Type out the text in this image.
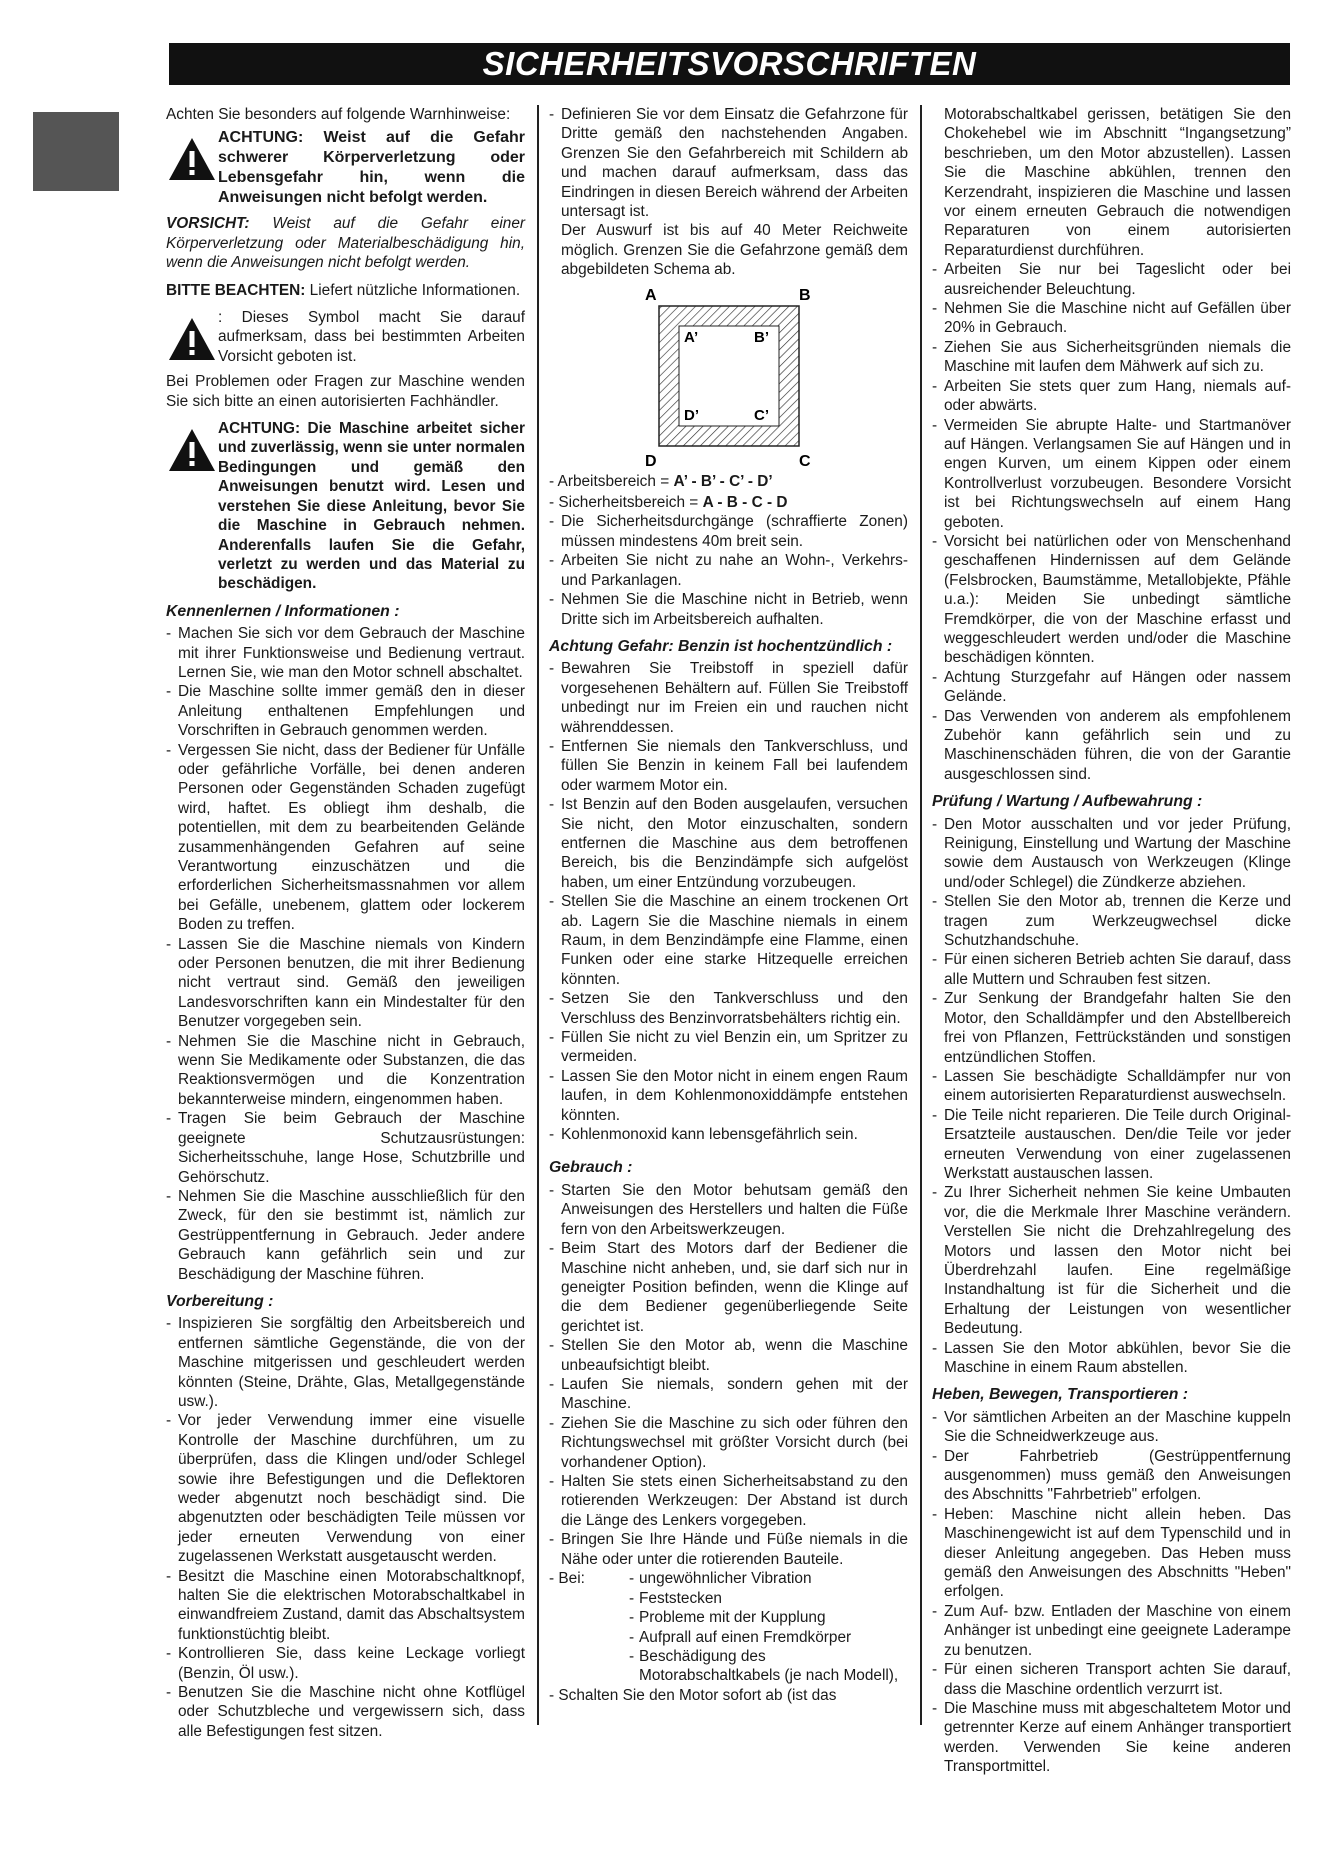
SICHERHEITSVORSCHRIFTEN

Achten Sie besonders auf folgende Warnhinweise:

ACHTUNG: Weist auf die Gefahr schwerer Körperverletzung oder Lebensgefahr hin, wenn die Anweisungen nicht befolgt werden.

VORSICHT: Weist auf die Gefahr einer Körperverletzung oder Materialbeschädigung hin, wenn die Anweisungen nicht befolgt werden.

BITTE BEACHTEN: Liefert nützliche Informationen.

: Dieses Symbol macht Sie darauf aufmerksam, dass bei bestimmten Arbeiten Vorsicht geboten ist.

Bei Problemen oder Fragen zur Maschine wenden Sie sich bitte an einen autorisierten Fachhändler.

ACHTUNG: Die Maschine arbeitet sicher und zuverlässig, wenn sie unter normalen Bedingungen und gemäß den Anweisungen benutzt wird. Lesen und verstehen Sie diese Anleitung, bevor Sie die Maschine in Gebrauch nehmen. Anderenfalls laufen Sie die Gefahr, verletzt zu werden und das Material zu beschädigen.

Kennenlernen / Informationen :

- Machen Sie sich vor dem Gebrauch der Maschine mit ihrer Funktionsweise und Bedienung vertraut. Lernen Sie, wie man den Motor schnell abschaltet.
- Die Maschine sollte immer gemäß den in dieser Anleitung enthaltenen Empfehlungen und Vorschriften in Gebrauch genommen werden.
- Vergessen Sie nicht, dass der Bediener für Unfälle oder gefährliche Vorfälle, bei denen anderen Personen oder Gegenständen Schaden zugefügt wird, haftet. Es obliegt ihm deshalb, die potentiellen, mit dem zu bearbeitenden Gelände zusammenhängenden Gefahren auf seine Verantwortung einzuschätzen und die erforderlichen Sicherheitsmassnahmen vor allem bei Gefälle, unebenem, glattem oder lockerem Boden zu treffen.
- Lassen Sie die Maschine niemals von Kindern oder Personen benutzen, die mit ihrer Bedienung nicht vertraut sind. Gemäß den jeweiligen Landesvorschriften kann ein Mindestalter für den Benutzer vorgegeben sein.
- Nehmen Sie die Maschine nicht in Gebrauch, wenn Sie Medikamente oder Substanzen, die das Reaktionsvermögen und die Konzentration bekannterweise mindern, eingenommen haben.
- Tragen Sie beim Gebrauch der Maschine geeignete Schutzausrüstungen: Sicherheitsschuhe, lange Hose, Schutzbrille und Gehörschutz.
- Nehmen Sie die Maschine ausschließlich für den Zweck, für den sie bestimmt ist, nämlich zur Gestrüppentfernung in Gebrauch. Jeder andere Gebrauch kann gefährlich sein und zur Beschädigung der Maschine führen.

Vorbereitung :

- Inspizieren Sie sorgfältig den Arbeitsbereich und entfernen sämtliche Gegenstände, die von der Maschine mitgerissen und geschleudert werden könnten (Steine, Drähte, Glas, Metallgegenstände usw.).
- Vor jeder Verwendung immer eine visuelle Kontrolle der Maschine durchführen, um zu überprüfen, dass die Klingen und/oder Schlegel sowie ihre Befestigungen und die Deflektoren weder abgenutzt noch beschädigt sind. Die abgenutzten oder beschädigten Teile müssen vor jeder erneuten Verwendung von einer zugelassenen Werkstatt ausgetauscht werden.
- Besitzt die Maschine einen Motorabschaltknopf, halten Sie die elektrischen Motorabschaltkabel in einwandfreiem Zustand, damit das Abschaltsystem funktionstüchtig bleibt.
- Kontrollieren Sie, dass keine Leckage vorliegt (Benzin, Öl usw.).
- Benutzen Sie die Maschine nicht ohne Kotflügel oder Schutzbleche und vergewissern sich, dass alle Befestigungen fest sitzen.
- Definieren Sie vor dem Einsatz die Gefahrzone für Dritte gemäß den nachstehenden Angaben. Grenzen Sie den Gefahrbereich mit Schildern ab und machen darauf aufmerksam, dass das Eindringen in diesen Bereich während der Arbeiten untersagt ist.

Der Auswurf ist bis auf 40 Meter Reichweite möglich. Grenzen Sie die Gefahrzone gemäß dem abgebildeten Schema ab.

A	B
D	C
A’	B’
D’	C’

- Arbeitsbereich = A’ - B’ - C’ - D’

- Sicherheitsbereich = A - B - C - D

- Die Sicherheitsdurchgänge (schraffierte Zonen) müssen mindestens 40m breit sein.
- Arbeiten Sie nicht zu nahe an Wohn-, Verkehrs- und Parkanlagen.
- Nehmen Sie die Maschine nicht in Betrieb, wenn Dritte sich im Arbeitsbereich aufhalten.

Achtung Gefahr: Benzin ist hochentzündlich :

- Bewahren Sie Treibstoff in speziell dafür vorgesehenen Behältern auf. Füllen Sie Treibstoff unbedingt nur im Freien ein und rauchen nicht währenddessen.
- Entfernen Sie niemals den Tankverschluss, und füllen Sie Benzin in keinem Fall bei laufendem oder warmem Motor ein.
- Ist Benzin auf den Boden ausgelaufen, versuchen Sie nicht, den Motor einzuschalten, sondern entfernen die Maschine aus dem betroffenen Bereich, bis die Benzindämpfe sich aufgelöst haben, um einer Entzündung vorzubeugen.
- Stellen Sie die Maschine an einem trockenen Ort ab. Lagern Sie die Maschine niemals in einem Raum, in dem Benzindämpfe eine Flamme, einen Funken oder eine starke Hitzequelle erreichen könnten.
- Setzen Sie den Tankverschluss und den Verschluss des Benzinvorratsbehälters richtig ein.
- Füllen Sie nicht zu viel Benzin ein, um Spritzer zu vermeiden.
- Lassen Sie den Motor nicht in einem engen Raum laufen, in dem Kohlenmonoxiddämpfe entstehen könnten.
- Kohlenmonoxid kann lebensgefährlich sein.

Gebrauch :

- Starten Sie den Motor behutsam gemäß den Anweisungen des Herstellers und halten die Füße fern von den Arbeitswerkzeugen.
- Beim Start des Motors darf der Bediener die Maschine nicht anheben, und, sie darf sich nur in geneigter Position befinden, wenn die Klinge auf die dem Bediener gegenüberliegende Seite gerichtet ist.
- Stellen Sie den Motor ab, wenn die Maschine unbeaufsichtigt bleibt.
- Laufen Sie niemals, sondern gehen mit der Maschine.
- Ziehen Sie die Maschine zu sich oder führen den Richtungswechsel mit größter Vorsicht durch (bei vorhandener Option).
- Halten Sie stets einen Sicherheitsabstand zu den rotierenden Werkzeugen: Der Abstand ist durch die Länge des Lenkers vorgegeben.
- Bringen Sie Ihre Hände und Füße niemals in die Nähe oder unter die rotierenden Bauteile.

- Bei:

-	ungewöhnlicher Vibration
- Feststecken
- Probleme mit der Kupplung
- Aufprall auf einen Fremdkörper
- Beschädigung des Motorabschaltkabels (je nach Modell),

- Schalten Sie den Motor sofort ab (ist das

Motorabschaltkabel gerissen, betätigen Sie den Chokehebel wie im Abschnitt “Ingangsetzung” beschrieben, um den Motor abzustellen). Lassen Sie die Maschine abkühlen, trennen den Kerzendraht, inspizieren die Maschine und lassen vor einem erneuten Gebrauch die notwendigen Reparaturen von einem autorisierten Reparaturdienst durchführen.

- Arbeiten Sie nur bei Tageslicht oder bei ausreichender Beleuchtung.
- Nehmen Sie die Maschine nicht auf Gefällen über 20% in Gebrauch.
- Ziehen Sie aus Sicherheitsgründen niemals die Maschine mit laufen dem Mähwerk auf sich zu.
- Arbeiten Sie stets quer zum Hang, niemals auf- oder abwärts.
- Vermeiden Sie abrupte Halte- und Startmanöver auf Hängen. Verlangsamen Sie auf Hängen und in engen Kurven, um einem Kippen oder einem Kontrollverlust vorzubeugen. Besondere Vorsicht ist bei Richtungswechseln auf einem Hang geboten.
- Vorsicht bei natürlichen oder von Menschenhand geschaffenen Hindernissen auf dem Gelände (Felsbrocken, Baumstämme, Metallobjekte, Pfähle u.a.): Meiden Sie unbedingt sämtliche Fremdkörper, die von der Maschine erfasst und weggeschleudert werden und/oder die Maschine beschädigen könnten.
- Achtung Sturzgefahr auf Hängen oder nassem Gelände.
- Das Verwenden von anderem als empfohlenem Zubehör kann gefährlich sein und zu Maschinenschäden führen, die von der Garantie ausgeschlossen sind.

Prüfung / Wartung / Aufbewahrung :

- Den Motor ausschalten und vor jeder Prüfung, Reinigung, Einstellung und Wartung der Maschine sowie dem Austausch von Werkzeugen (Klinge und/oder Schlegel) die Zündkerze abziehen.
- Stellen Sie den Motor ab, trennen die Kerze und tragen zum Werkzeugwechsel dicke Schutzhandschuhe.
- Für einen sicheren Betrieb achten Sie darauf, dass alle Muttern und Schrauben fest sitzen.
- Zur Senkung der Brandgefahr halten Sie den Motor, den Schalldämpfer und den Abstellbereich frei von Pflanzen, Fettrückständen und sonstigen entzündlichen Stoffen.
- Lassen Sie beschädigte Schalldämpfer nur von einem autorisierten Reparaturdienst auswechseln.
- Die Teile nicht reparieren. Die Teile durch Original-Ersatzteile austauschen. Den/die Teile vor jeder erneuten Verwendung von einer zugelassenen Werkstatt austauschen lassen.
- Zu Ihrer Sicherheit nehmen Sie keine Umbauten vor, die die Merkmale Ihrer Maschine verändern. Verstellen Sie nicht die Drehzahlregelung des Motors und lassen den Motor nicht bei Überdrehzahl laufen. Eine regelmäßige Instandhaltung ist für die Sicherheit und die Erhaltung der Leistungen von wesentlicher Bedeutung.
- Lassen Sie den Motor abkühlen, bevor Sie die Maschine in einem Raum abstellen.

Heben, Bewegen, Transportieren :

- Vor sämtlichen Arbeiten an der Maschine kuppeln Sie die Schneidwerkzeuge aus.
- Der Fahrbetrieb (Gestrüppentfernung ausgenommen) muss gemäß den Anweisungen des Abschnitts "Fahrbetrieb" erfolgen.
- Heben: Maschine nicht allein heben. Das Maschinengewicht ist auf dem Typenschild und in dieser Anleitung angegeben. Das Heben muss gemäß den Anweisungen des Abschnitts "Heben" erfolgen.
- Zum Auf- bzw. Entladen der Maschine von einem Anhänger ist unbedingt eine geeignete Laderampe zu benutzen.
- Für einen sicheren Transport achten Sie darauf, dass die Maschine ordentlich verzurrt ist.
- Die Maschine muss mit abgeschaltetem Motor und getrennter Kerze auf einem Anhänger transportiert werden. Verwenden Sie keine anderen Transportmittel.
